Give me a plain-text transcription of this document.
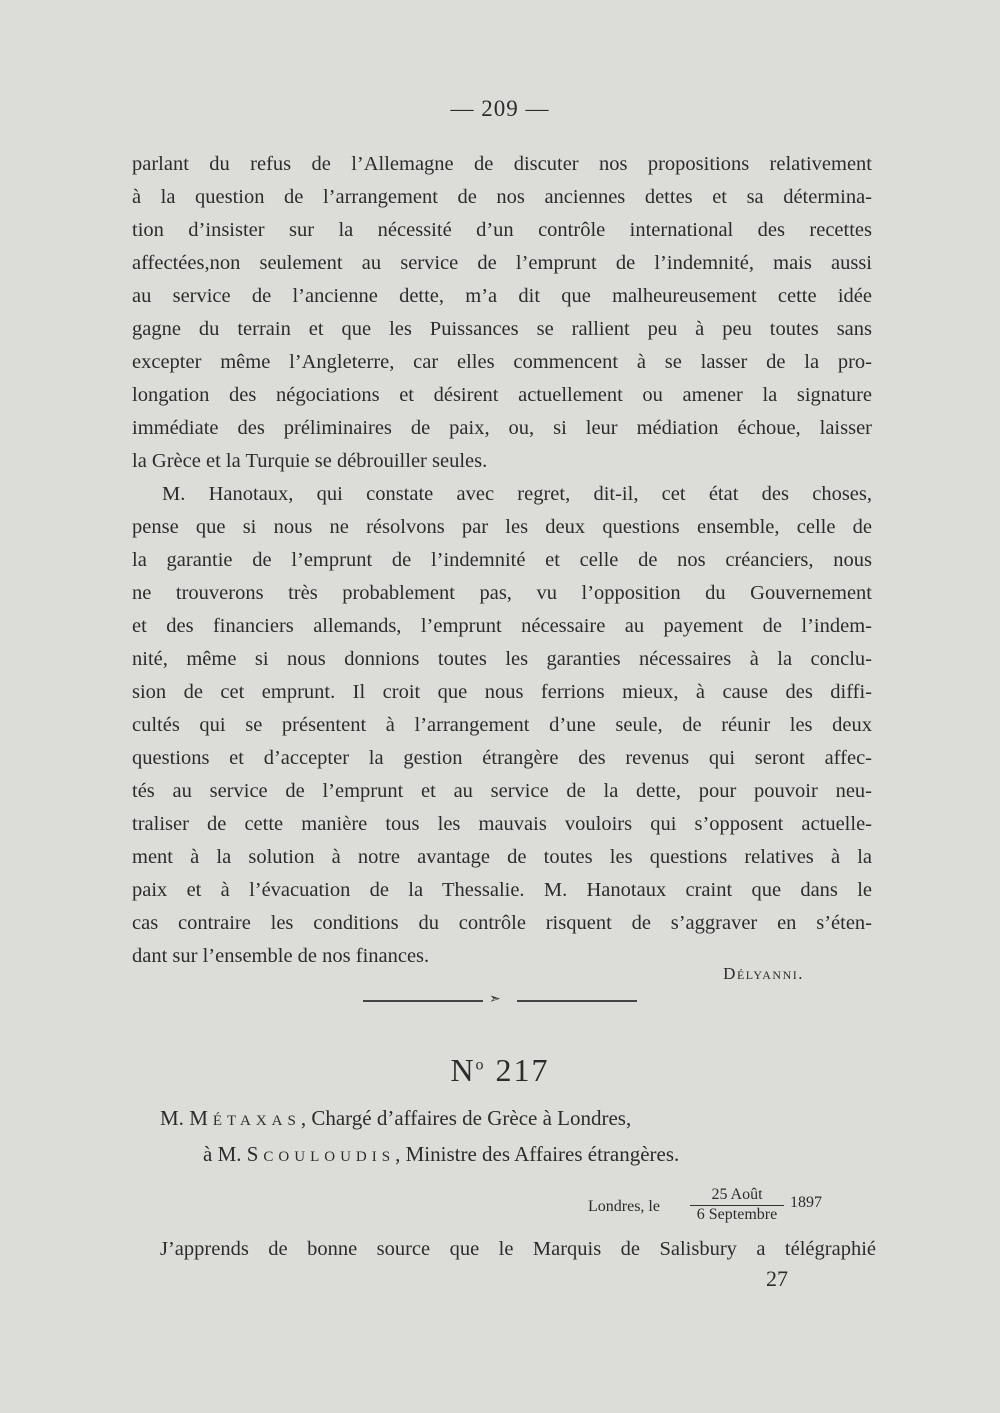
— 209 —
parlant du refus de l’Allemagne de discuter nos propositions relativement
à la question de l’arrangement de nos anciennes dettes et sa détermina-
tion d’insister sur la nécessité d’un contrôle international des recettes
affectées,non seulement au service de l’emprunt de l’indemnité, mais aussi
au service de l’ancienne dette, m’a dit que malheureusement cette idée
gagne du terrain et que les Puissances se rallient peu à peu toutes sans
excepter même l’Angleterre, car elles commencent à se lasser de la pro-
longation des négociations et désirent actuellement ou amener la signature
immédiate des préliminaires de paix, ou, si leur médiation échoue, laisser
la Grèce et la Turquie se débrouiller seules.
M. Hanotaux, qui constate avec regret, dit-il, cet état des choses,
pense que si nous ne résolvons par les deux questions ensemble, celle de
la garantie de l’emprunt de l’indemnité et celle de nos créanciers, nous
ne trouverons très probablement pas, vu l’opposition du Gouvernement
et des financiers allemands, l’emprunt nécessaire au payement de l’indem-
nité, même si nous donnions toutes les garanties nécessaires à la conclu-
sion de cet emprunt. Il croit que nous ferrions mieux, à cause des diffi-
cultés qui se présentent à l’arrangement d’une seule, de réunir les deux
questions et d’accepter la gestion étrangère des revenus qui seront affec-
tés au service de l’emprunt et au service de la dette, pour pouvoir neu-
traliser de cette manière tous les mauvais vouloirs qui s’opposent actuelle-
ment à la solution à notre avantage de toutes les questions relatives à la
paix et à l’évacuation de la Thessalie. M. Hanotaux craint que dans le
cas contraire les conditions du contrôle risquent de s’aggraver en s’éten-
dant sur l’ensemble de nos finances.
Délyanni.
➣
$N^o$ 217
M. Métaxas, Chargé d’affaires de Grèce à Londres,
à M. Scouloudis, Ministre des Affaires étrangères.
Londres, le
25 Août
6 Septembre
1897
J’apprends de bonne source que le Marquis de Salisbury a télégraphié
27
